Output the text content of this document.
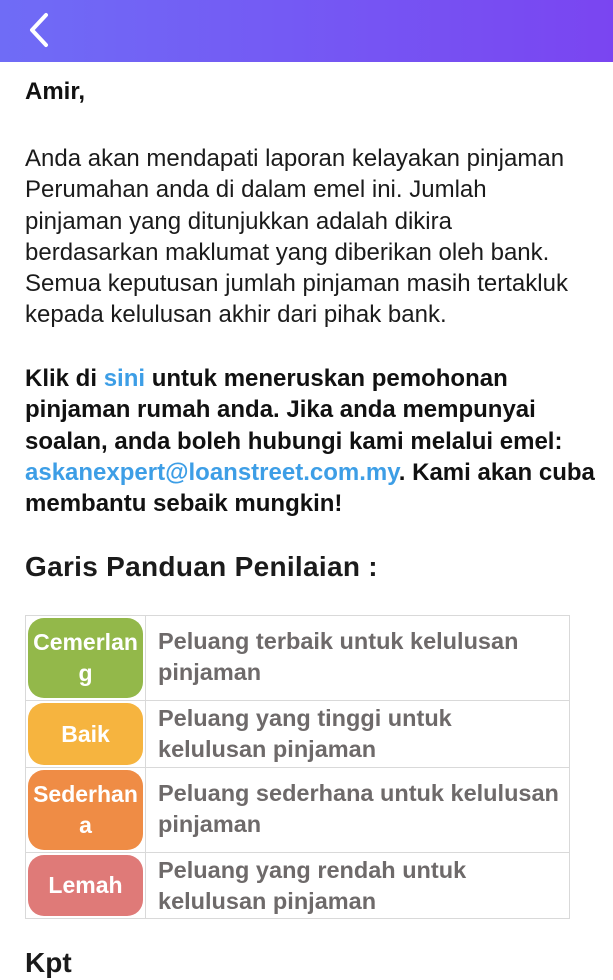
Amir,

Anda akan mendapati laporan kelayakan pinjaman Perumahan anda di dalam emel ini. Jumlah pinjaman yang ditunjukkan adalah dikira berdasarkan maklumat yang diberikan oleh bank. Semua keputusan jumlah pinjaman masih tertakluk kepada kelulusan akhir dari pihak bank.

Klik di sini untuk meneruskan pemohonan pinjaman rumah anda. Jika anda mempunyai soalan, anda boleh hubungi kami melalui emel: askanexpert@loanstreet.com.my. Kami akan cuba membantu sebaik mungkin!

Garis Panduan Penilaian :
Cemerlang
Peluang terbaik untuk kelulusan pinjaman
Baik
Peluang yang tinggi untuk kelulusan pinjaman
Sederhana
Peluang sederhana untuk kelulusan pinjaman
Lemah
Peluang yang rendah untuk kelulusan pinjaman
Kpt
